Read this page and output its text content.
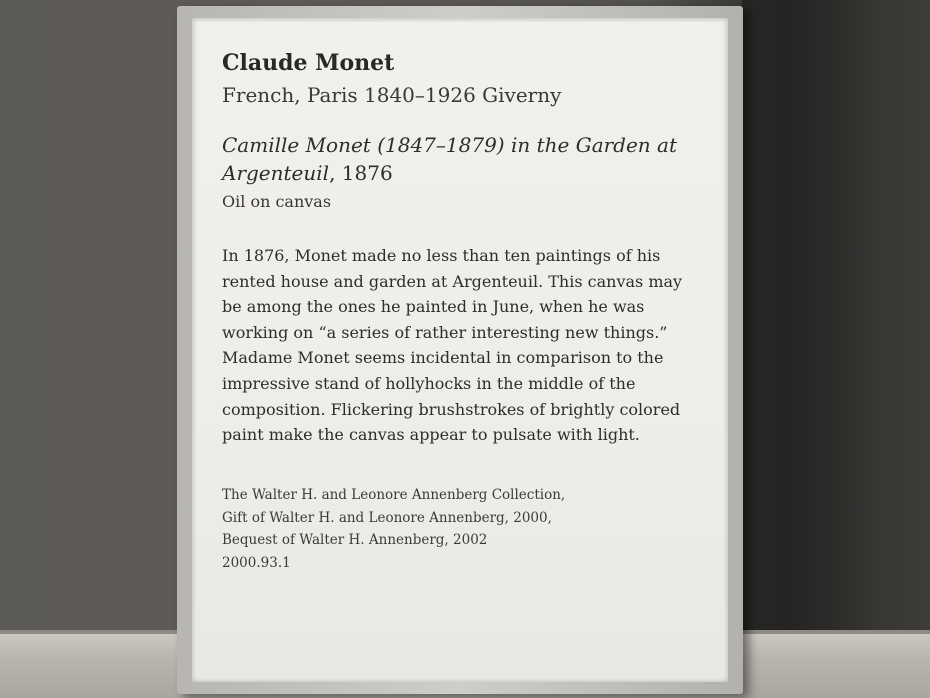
Claude Monet
French, Paris 1840–1926 Giverny
Camille Monet (1847–1879) in the Garden at
Argenteuil, 1876
Oil on canvas
In 1876, Monet made no less than ten paintings of his
rented house and garden at Argenteuil. This canvas may
be among the ones he painted in June, when he was
working on “a series of rather interesting new things.”
Madame Monet seems incidental in comparison to the
impressive stand of hollyhocks in the middle of the
composition. Flickering brushstrokes of brightly colored
paint make the canvas appear to pulsate with light.
The Walter H. and Leonore Annenberg Collection,
Gift of Walter H. and Leonore Annenberg, 2000,
Bequest of Walter H. Annenberg, 2002
2000.93.1
